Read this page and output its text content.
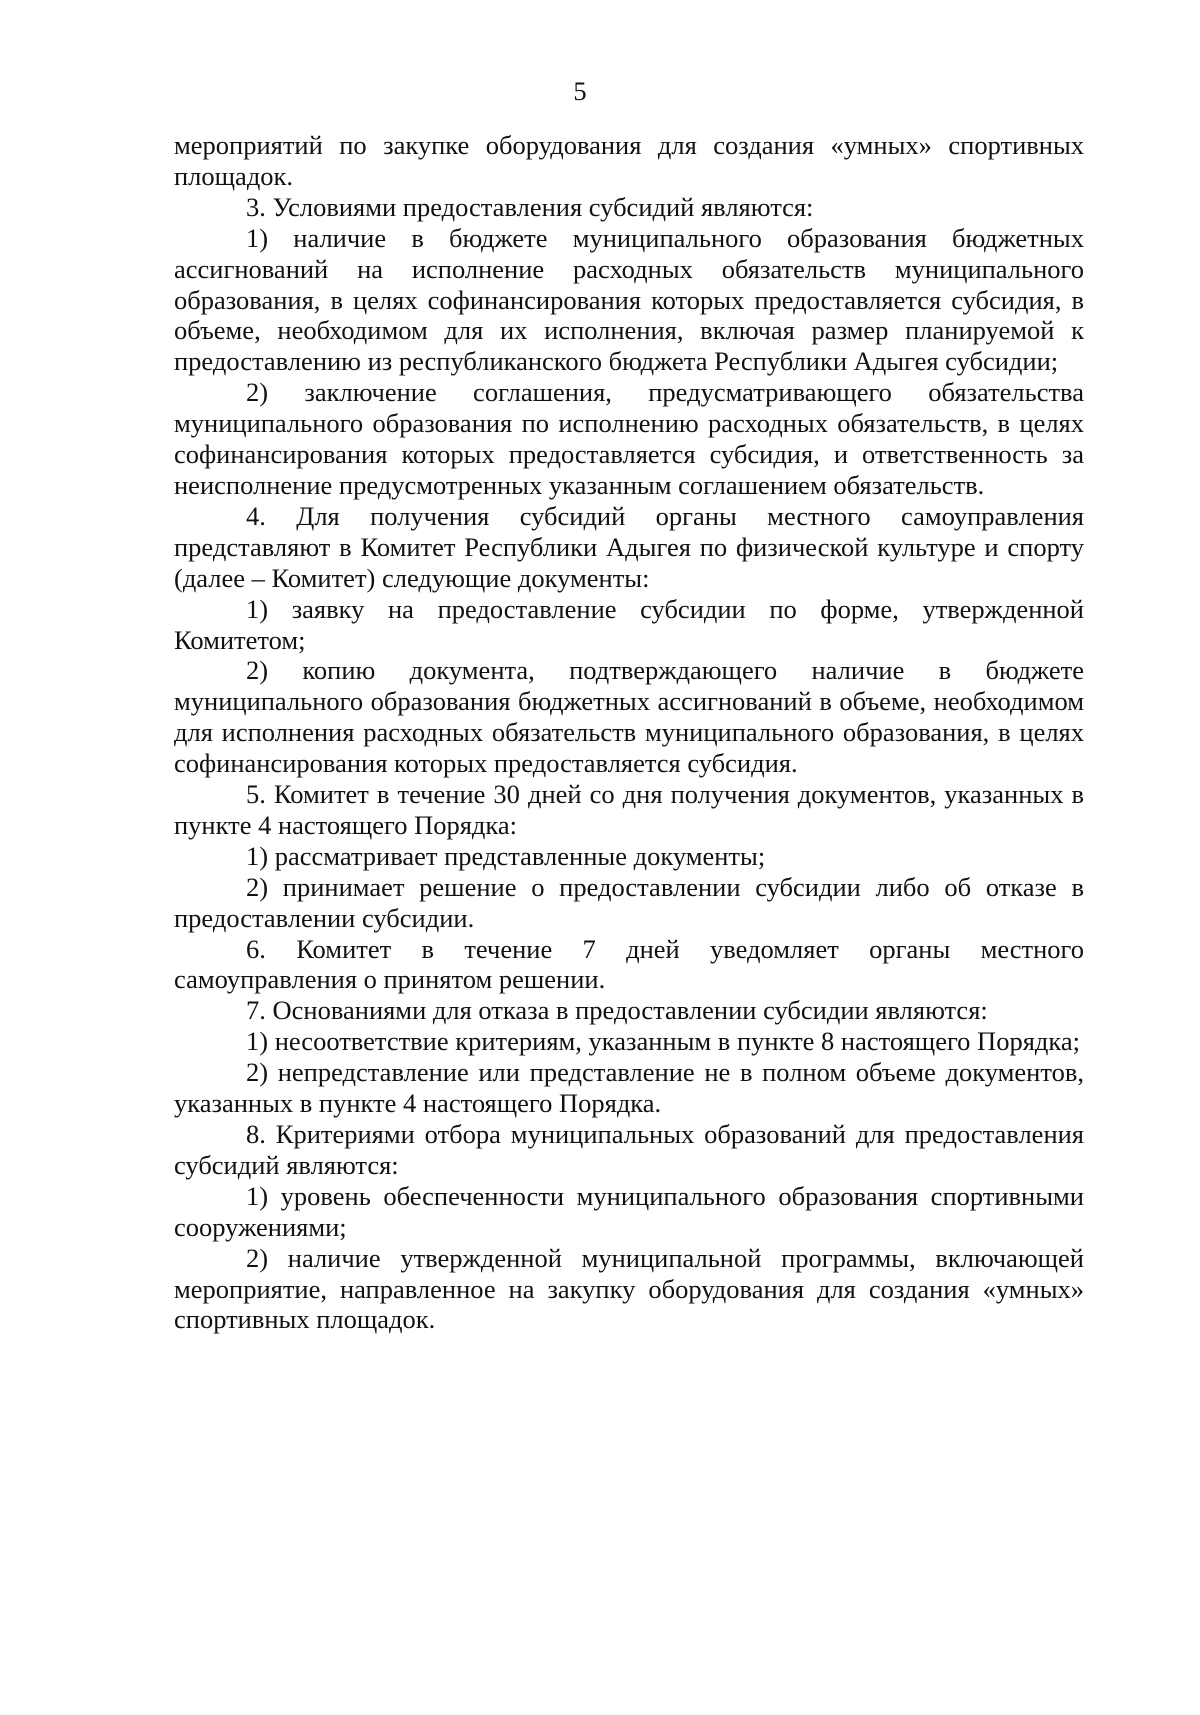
5

мероприятий по закупке оборудования для создания «умных» спортивных площадок.

3. Условиями предоставления субсидий являются:

1) наличие в бюджете муниципального образования бюджетных ассигнований на исполнение расходных обязательств муниципального образования, в целях софинансирования которых предоставляется субсидия, в объеме, необходимом для их исполнения, включая размер планируемой к предоставлению из республиканского бюджета Республики Адыгея субсидии;

2) заключение соглашения, предусматривающего обязательства муниципального образования по исполнению расходных обязательств, в целях софинансирования которых предоставляется субсидия, и ответственность за неисполнение предусмотренных указанным соглашением обязательств.

4. Для получения субсидий органы местного самоуправления представляют в Комитет Республики Адыгея по физической культуре и спорту (далее – Комитет) следующие документы:

1) заявку на предоставление субсидии по форме, утвержденной Комитетом;

2) копию документа, подтверждающего наличие в бюджете муниципального образования бюджетных ассигнований в объеме, необходимом для исполнения расходных обязательств муниципального образования, в целях софинансирования которых предоставляется субсидия.

5. Комитет в течение 30 дней со дня получения документов, указанных в пункте 4 настоящего Порядка:

1) рассматривает представленные документы;

2) принимает решение о предоставлении субсидии либо об отказе в предоставлении субсидии.

6. Комитет в течение 7 дней уведомляет органы местного самоуправления о принятом решении.

7. Основаниями для отказа в предоставлении субсидии являются:

1) несоответствие критериям, указанным в пункте 8 настоящего Порядка;

2) непредставление или представление не в полном объеме документов, указанных в пункте 4 настоящего Порядка.

8. Критериями отбора муниципальных образований для предоставления субсидий являются:

1) уровень обеспеченности муниципального образования спортивными сооружениями;

2) наличие утвержденной муниципальной программы, включающей мероприятие, направленное на закупку оборудования для создания «умных» спортивных площадок.
